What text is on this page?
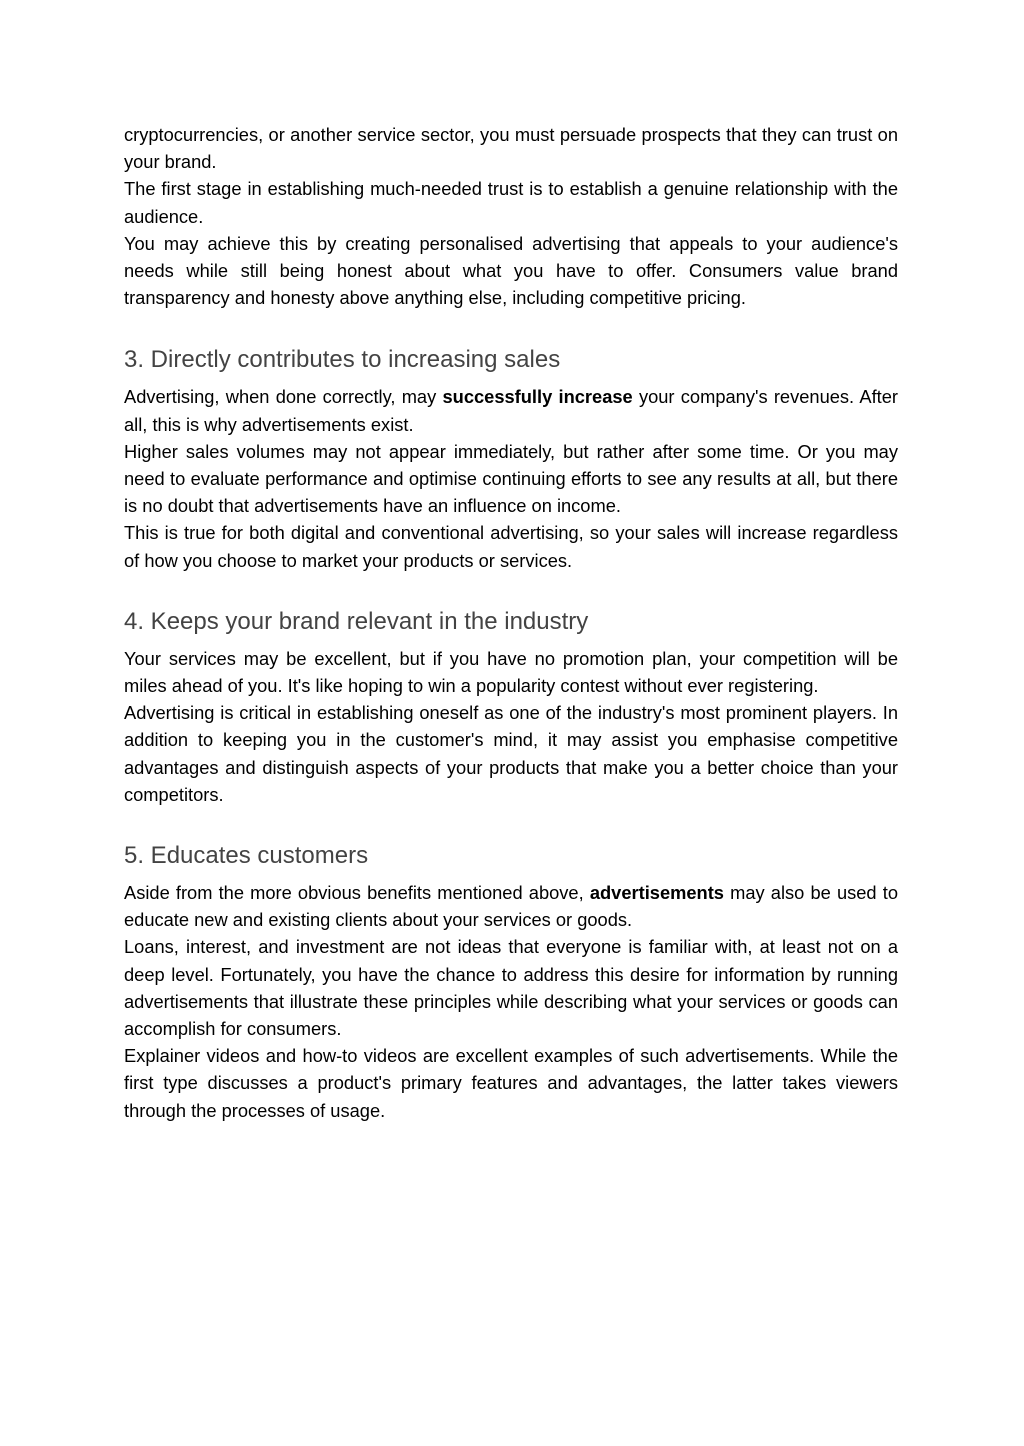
cryptocurrencies, or another service sector, you must persuade prospects that they can trust on your brand.

The first stage in establishing much-needed trust is to establish a genuine relationship with the audience.

You may achieve this by creating personalised advertising that appeals to your audience's needs while still being honest about what you have to offer. Consumers value brand transparency and honesty above anything else, including competitive pricing.

3. Directly contributes to increasing sales

Advertising, when done correctly, may successfully increase your company's revenues. After all, this is why advertisements exist.

Higher sales volumes may not appear immediately, but rather after some time. Or you may need to evaluate performance and optimise continuing efforts to see any results at all, but there is no doubt that advertisements have an influence on income.

This is true for both digital and conventional advertising, so your sales will increase regardless of how you choose to market your products or services.

4. Keeps your brand relevant in the industry

Your services may be excellent, but if you have no promotion plan, your competition will be miles ahead of you. It's like hoping to win a popularity contest without ever registering.

Advertising is critical in establishing oneself as one of the industry's most prominent players. In addition to keeping you in the customer's mind, it may assist you emphasise competitive advantages and distinguish aspects of your products that make you a better choice than your competitors.

5. Educates customers

Aside from the more obvious benefits mentioned above, advertisements may also be used to educate new and existing clients about your services or goods.

Loans, interest, and investment are not ideas that everyone is familiar with, at least not on a deep level. Fortunately, you have the chance to address this desire for information by running advertisements that illustrate these principles while describing what your services or goods can accomplish for consumers.

Explainer videos and how-to videos are excellent examples of such advertisements. While the first type discusses a product's primary features and advantages, the latter takes viewers through the processes of usage.
